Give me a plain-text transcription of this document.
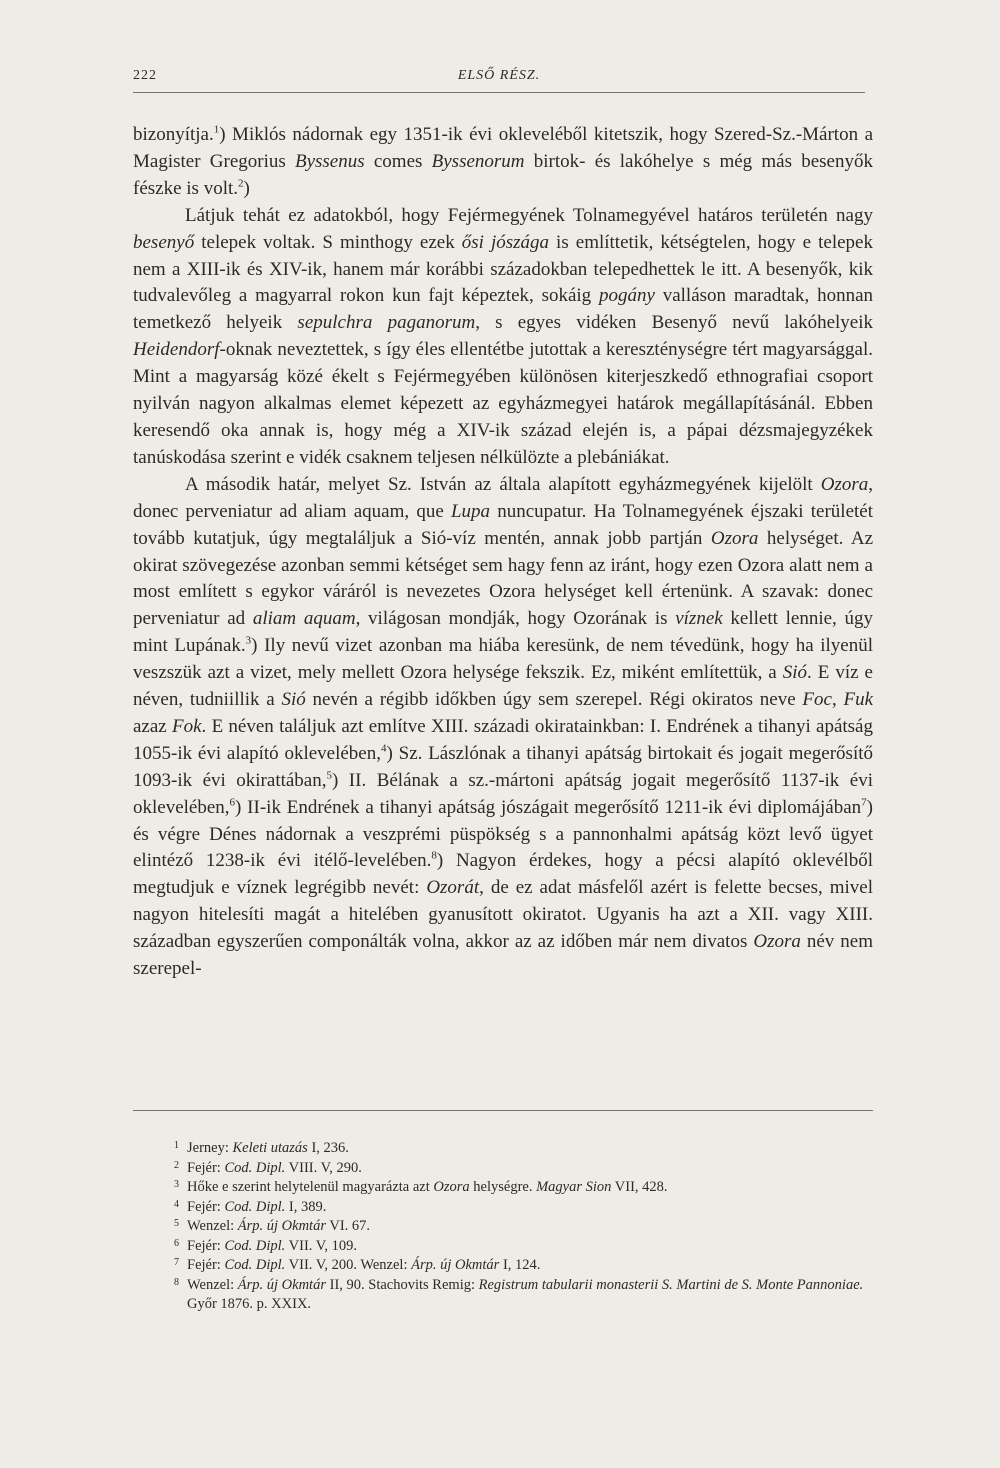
222	ELSŐ RÉSZ.

bizonyítja.$^1$) Miklós nádornak egy 1351-ik évi okleveléből kitetszik, hogy Szered-Sz.-Márton a Magister Gregorius Byssenus comes Byssenorum birtok- és lakóhelye s még más besenyők fészke is volt.$^2$)

Látjuk tehát ez adatokból, hogy Fejérmegyének Tolnamegyével határos területén nagy besenyő telepek voltak. S minthogy ezek ősi jószága is említtetik, kétségtelen, hogy e telepek nem a XIII-ik és XIV-ik, hanem már korábbi századokban telepedhettek le itt. A besenyők, kik tudvalevőleg a magyarral rokon kun fajt képeztek, sokáig pogány valláson maradtak, honnan temetkező helyeik sepulchra paganorum, s egyes vidéken Besenyő nevű lakóhelyeik Heidendorf-oknak neveztettek, s így éles ellentétbe jutottak a kereszténységre tért magyarsággal. Mint a magyarság közé ékelt s Fejérmegyében különösen kiterjeszkedő ethnografiai csoport nyilván nagyon alkalmas elemet képezett az egyházmegyei határok megállapításánál. Ebben keresendő oka annak is, hogy még a XIV-ik század elején is, a pápai dézsmajegyzékek tanúskodása szerint e vidék csaknem teljesen nélkülözte a plebániákat.

A második határ, melyet Sz. István az általa alapított egyházmegyének kijelölt Ozora, donec perveniatur ad aliam aquam, que Lupa nuncupatur. Ha Tolnamegyének éjszaki területét tovább kutatjuk, úgy megtaláljuk a Sió-víz mentén, annak jobb partján Ozora helységet. Az okirat szövegezése azonban semmi kétséget sem hagy fenn az iránt, hogy ezen Ozora alatt nem a most említett s egykor váráról is nevezetes Ozora helységet kell értenünk. A szavak: donec perveniatur ad aliam aquam, világosan mondják, hogy Ozorának is víznek kellett lennie, úgy mint Lupának.$^3$) Ily nevű vizet azonban ma hiába keresünk, de nem tévedünk, hogy ha ilyenül veszszük azt a vizet, mely mellett Ozora helysége fekszik. Ez, miként említettük, a Sió. E víz e néven, tudniillik a Sió nevén a régibb időkben úgy sem szerepel. Régi okiratos neve Foc, Fuk azaz Fok. E néven találjuk azt említve XIII. századi okiratainkban: I. Endrének a tihanyi apátság 1055-ik évi alapító oklevelében,$^4$) Sz. Lászlónak a tihanyi apátság birtokait és jogait megerősítő 1093-ik évi okirattában,$^5$) II. Bélának a sz.-mártoni apátság jogait megerősítő 1137-ik évi oklevelében,$^6$) II-ik Endrének a tihanyi apátság jószágait megerősítő 1211-ik évi diplomájában$^7$) és végre Dénes nádornak a veszprémi püspökség s a pannonhalmi apátság közt levő ügyet elintéző 1238-ik évi itélő-levelében.$^8$) Nagyon érdekes, hogy a pécsi alapító oklevélből megtudjuk e víznek legrégibb nevét: Ozorát, de ez adat másfelől azért is felette becses, mivel nagyon hitelesíti magát a hitelében gyanusított okiratot. Ugyanis ha azt a XII. vagy XIII. században egyszerűen componálták volna, akkor az az időben már nem divatos Ozora név nem szerepel-

1 Jerney: Keleti utazás I, 236.
2 Fejér: Cod. Dipl. VIII. V, 290.
3 Hőke e szerint helytelenül magyarázta azt Ozora helységre. Magyar Sion VII, 428.
4 Fejér: Cod. Dipl. I, 389.
5 Wenzel: Árp. új Okmtár VI. 67.
6 Fejér: Cod. Dipl. VII. V, 109.
7 Fejér: Cod. Dipl. VII. V, 200. Wenzel: Árp. új Okmtár I, 124.
8 Wenzel: Árp. új Okmtár II, 90. Stachovits Remig: Registrum tabularii monasterii S. Martini de S. Monte Pannoniae. Győr 1876. p. XXIX.
